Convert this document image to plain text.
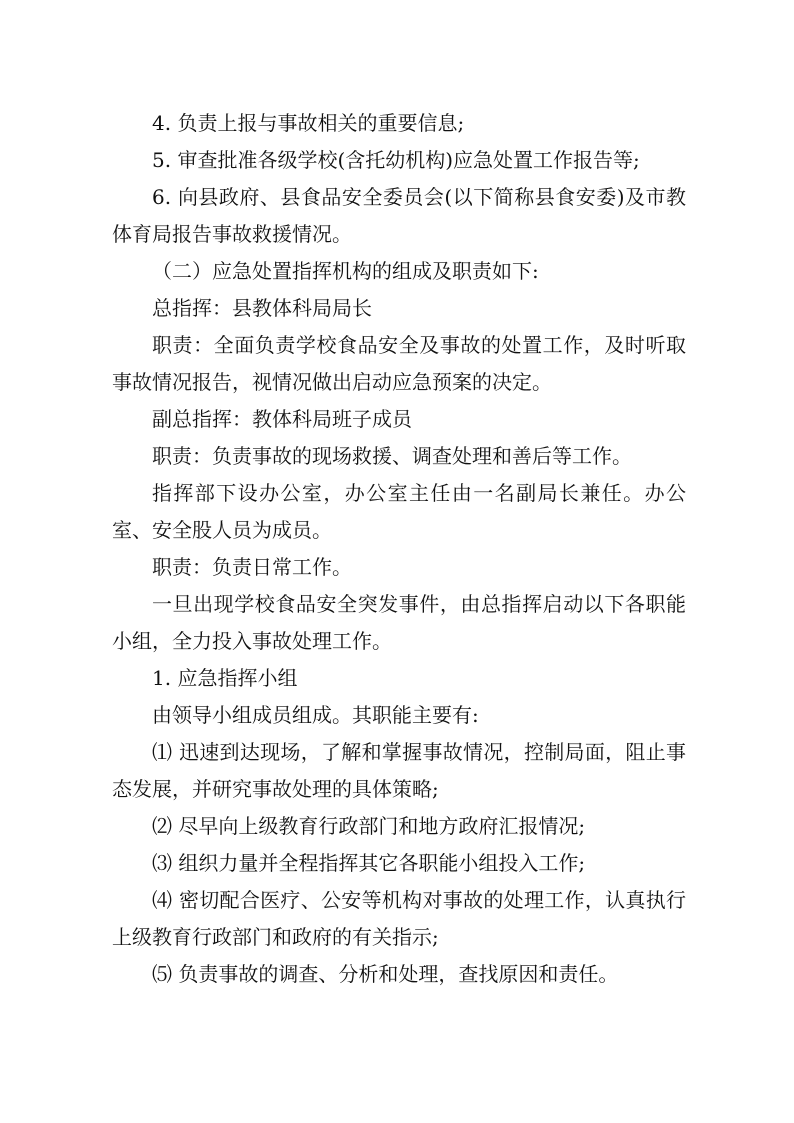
4. 负责上报与事故相关的重要信息;

5. 审查批准各级学校(含托幼机构)应急处置工作报告等;

6. 向县政府、县食品安全委员会(以下简称县食安委)及市教体育局报告事故救援情况。

（二）应急处置指挥机构的组成及职责如下:

总指挥：县教体科局局长

职责：全面负责学校食品安全及事故的处置工作，及时听取事故情况报告，视情况做出启动应急预案的决定。

副总指挥：教体科局班子成员

职责：负责事故的现场救援、调查处理和善后等工作。

指挥部下设办公室，办公室主任由一名副局长兼任。办公室、安全股人员为成员。

职责：负责日常工作。

一旦出现学校食品安全突发事件，由总指挥启动以下各职能小组，全力投入事故处理工作。

1. 应急指挥小组

由领导小组成员组成。其职能主要有:

⑴ 迅速到达现场，了解和掌握事故情况，控制局面，阻止事态发展，并研究事故处理的具体策略;

⑵ 尽早向上级教育行政部门和地方政府汇报情况;

⑶ 组织力量并全程指挥其它各职能小组投入工作;

⑷ 密切配合医疗、公安等机构对事故的处理工作，认真执行上级教育行政部门和政府的有关指示;

⑸ 负责事故的调查、分析和处理，查找原因和责任。
